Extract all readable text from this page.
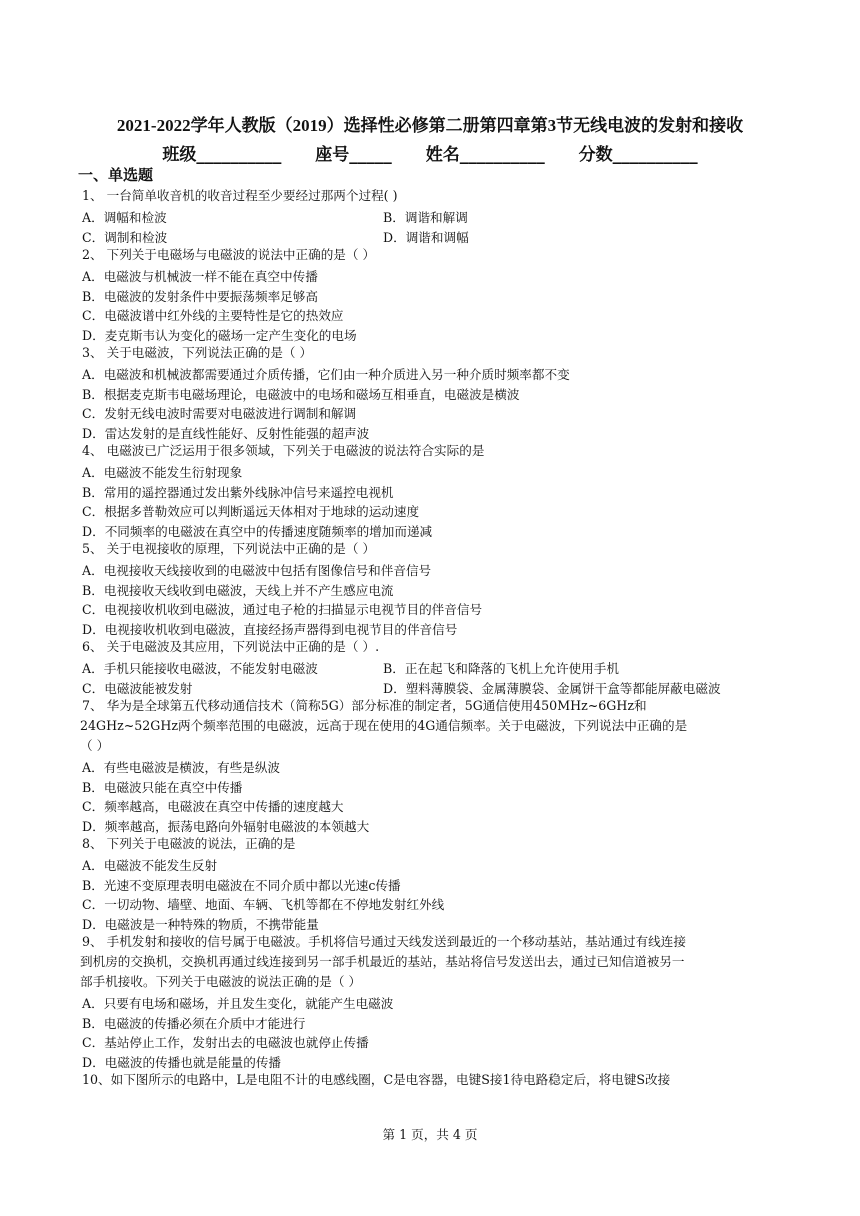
2021-2022学年人教版（2019）选择性必修第二册第四章第3节无线电波的发射和接收
班级__________ 座号_____ 姓名__________ 分数__________
一、单选题
1、 一台简单收音机的收音过程至少要经过那两个过程( )
A．调幅和检波	B．调谐和解调
C．调制和检波	D．调谐和调幅
2、 下列关于电磁场与电磁波的说法中正确的是（ ）
A．电磁波与机械波一样不能在真空中传播
B．电磁波的发射条件中要振荡频率足够高
C．电磁波谱中红外线的主要特性是它的热效应
D．麦克斯韦认为变化的磁场一定产生变化的电场
3、 关于电磁波，下列说法正确的是（ ）
A．电磁波和机械波都需要通过介质传播，它们由一种介质进入另一种介质时频率都不变
B．根据麦克斯韦电磁场理论，电磁波中的电场和磁场互相垂直，电磁波是横波
C．发射无线电波时需要对电磁波进行调制和解调
D．雷达发射的是直线性能好、反射性能强的超声波
4、 电磁波已广泛运用于很多领域，下列关于电磁波的说法符合实际的是
A．电磁波不能发生衍射现象
B．常用的遥控器通过发出紫外线脉冲信号来遥控电视机
C．根据多普勒效应可以判断遥远天体相对于地球的运动速度
D．不同频率的电磁波在真空中的传播速度随频率的增加而递减
5、 关于电视接收的原理，下列说法中正确的是（ ）
A．电视接收天线接收到的电磁波中包括有图像信号和伴音信号
B．电视接收天线收到电磁波，天线上并不产生感应电流
C．电视接收机收到电磁波，通过电子枪的扫描显示电视节目的伴音信号
D．电视接收机收到电磁波，直接经扬声器得到电视节目的伴音信号
6、 关于电磁波及其应用，下列说法中正确的是（ ）.
A．手机只能接收电磁波，不能发射电磁波	B．正在起飞和降落的飞机上允许使用手机
C．电磁波能被发射	D．塑料薄膜袋、金属薄膜袋、金属饼干盒等都能屏蔽电磁波
7、 华为是全球第五代移动通信技术（简称5G）部分标准的制定者，5G通信使用450MHz~6GHz和
24GHz~52GHz两个频率范围的电磁波，远高于现在使用的4G通信频率。关于电磁波，下列说法中正确的是
（ ）
A．有些电磁波是横波，有些是纵波
B．电磁波只能在真空中传播
C．频率越高，电磁波在真空中传播的速度越大
D．频率越高，振荡电路向外辐射电磁波的本领越大
8、 下列关于电磁波的说法，正确的是
A．电磁波不能发生反射
B．光速不变原理表明电磁波在不同介质中都以光速c传播
C．一切动物、墙壁、地面、车辆、飞机等都在不停地发射红外线
D．电磁波是一种特殊的物质，不携带能量
9、 手机发射和接收的信号属于电磁波。手机将信号通过天线发送到最近的一个移动基站，基站通过有线连接
到机房的交换机，交换机再通过线连接到另一部手机最近的基站，基站将信号发送出去，通过已知信道被另一
部手机接收。下列关于电磁波的说法正确的是（ ）
A．只要有电场和磁场，并且发生变化，就能产生电磁波
B．电磁波的传播必须在介质中才能进行
C．基站停止工作，发射出去的电磁波也就停止传播
D．电磁波的传播也就是能量的传播
10、如下图所示的电路中，L是电阻不计的电感线圈，C是电容器，电键S接1待电路稳定后，将电键S改接
第 1 页，共 4 页
